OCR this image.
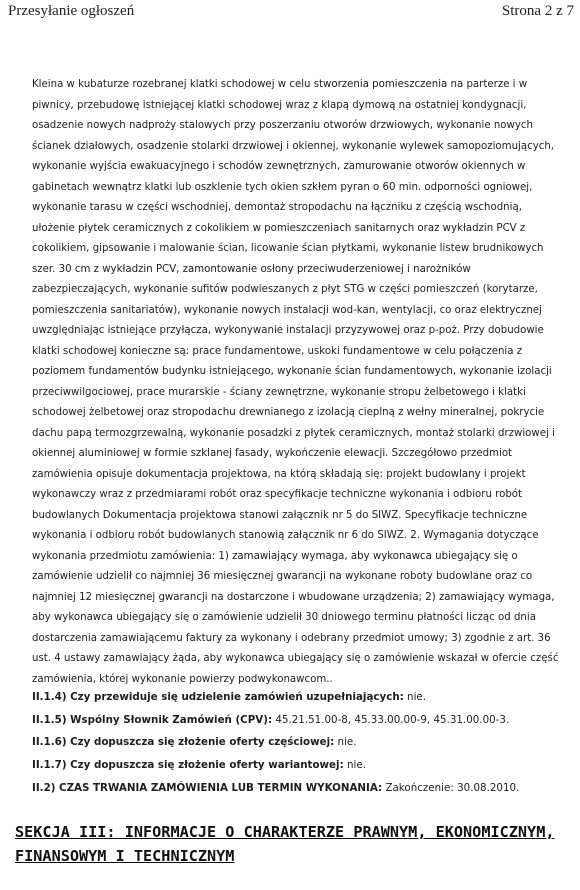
Przesyłanie ogłoszeń	Strona 2 z 7

Kleina w kubaturze rozebranej klatki schodowej w celu stworzenia pomieszczenia na parterze i w piwnicy, przebudowę istniejącej klatki schodowej wraz z klapą dymową na ostatniej kondygnacji, osadzenie nowych nadproży stalowych przy poszerzaniu otworów drzwiowych, wykonanie nowych ścianek działowych, osadzenie stolarki drzwiowej i okiennej, wykonanie wylewek samopoziomujących, wykonanie wyjścia ewakuacyjnego i schodów zewnętrznych, zamurowanie otworów okiennych w gabinetach wewnątrz klatki lub oszklenie tych okien szkłem pyran o 60 min. odporności ogniowej, wykonanie tarasu w części wschodniej, demontaż stropodachu na łączniku z częścią wschodnią, ułożenie płytek ceramicznych z cokolikiem w pomieszczeniach sanitarnych oraz wykładzin PCV z cokolikiem, gipsowanie i malowanie ścian, licowanie ścian płytkami, wykonanie listew brudnikowych szer. 30 cm z wykładzin PCV, zamontowanie osłony przeciwuderzeniowej i narożników zabezpieczających, wykonanie sufitów podwieszanych z płyt STG w części pomieszczeń (korytarze, pomieszczenia sanitariatów), wykonanie nowych instalacji wod-kan, wentylacji, co oraz elektrycznej uwzględniając istniejące przyłącza, wykonywanie instalacji przyzywowej oraz p-poż. Przy dobudowie klatki schodowej konieczne są: prace fundamentowe, uskoki fundamentowe w celu połączenia z poziomem fundamentów budynku istniejącego, wykonanie ścian fundamentowych, wykonanie izolacji przeciwwilgociowej, prace murarskie - ściany zewnętrzne, wykonanie stropu żelbetowego i klatki schodowej żelbetowej oraz stropodachu drewnianego z izolacją cieplną z wełny mineralnej, pokrycie dachu papą termozgrzewalną, wykonanie posadzki z płytek ceramicznych, montaż stolarki drzwiowej i okiennej aluminiowej w formie szklanej fasady, wykończenie elewacji. Szczegółowo przedmiot zamówienia opisuje dokumentacja projektowa, na którą składają się: projekt budowlany i projekt wykonawczy wraz z przedmiarami robót oraz specyfikacje techniczne wykonania i odbioru robót budowlanych Dokumentacja projektowa stanowi załącznik nr 5 do SIWZ. Specyfikacje techniczne wykonania i odbioru robót budowlanych stanowią załącznik nr 6 do SIWZ. 2. Wymagania dotyczące wykonania przedmiotu zamówienia: 1) zamawiający wymaga, aby wykonawca ubiegający się o zamówienie udzielił co najmniej 36 miesięcznej gwarancji na wykonane roboty budowlane oraz co najmniej 12 miesięcznej gwarancji na dostarczone i wbudowane urządzenia; 2) zamawiający wymaga, aby wykonawca ubiegający się o zamówienie udzielił 30 dniowego terminu płatności licząc od dnia dostarczenia zamawiającemu faktury za wykonany i odebrany przedmiot umowy; 3) zgodnie z art. 36 ust. 4 ustawy zamawiający żąda, aby wykonawca ubiegający się o zamówienie wskazał w ofercie część zamówienia, której wykonanie powierzy podwykonawcom..

II.1.4) Czy przewiduje się udzielenie zamówień uzupełniających: nie.
II.1.5) Wspólny Słownik Zamówień (CPV): 45.21.51.00-8, 45.33.00.00-9, 45.31.00.00-3.
II.1.6) Czy dopuszcza się złożenie oferty częściowej: nie.
II.1.7) Czy dopuszcza się złożenie oferty wariantowej: nie.
II.2) CZAS TRWANIA ZAMÓWIENIA LUB TERMIN WYKONANIA: Zakończenie: 30.08.2010.
SEKCJA III: INFORMACJE O CHARAKTERZE PRAWNYM, EKONOMICZNYM, FINANSOWYM I TECHNICZNYM
